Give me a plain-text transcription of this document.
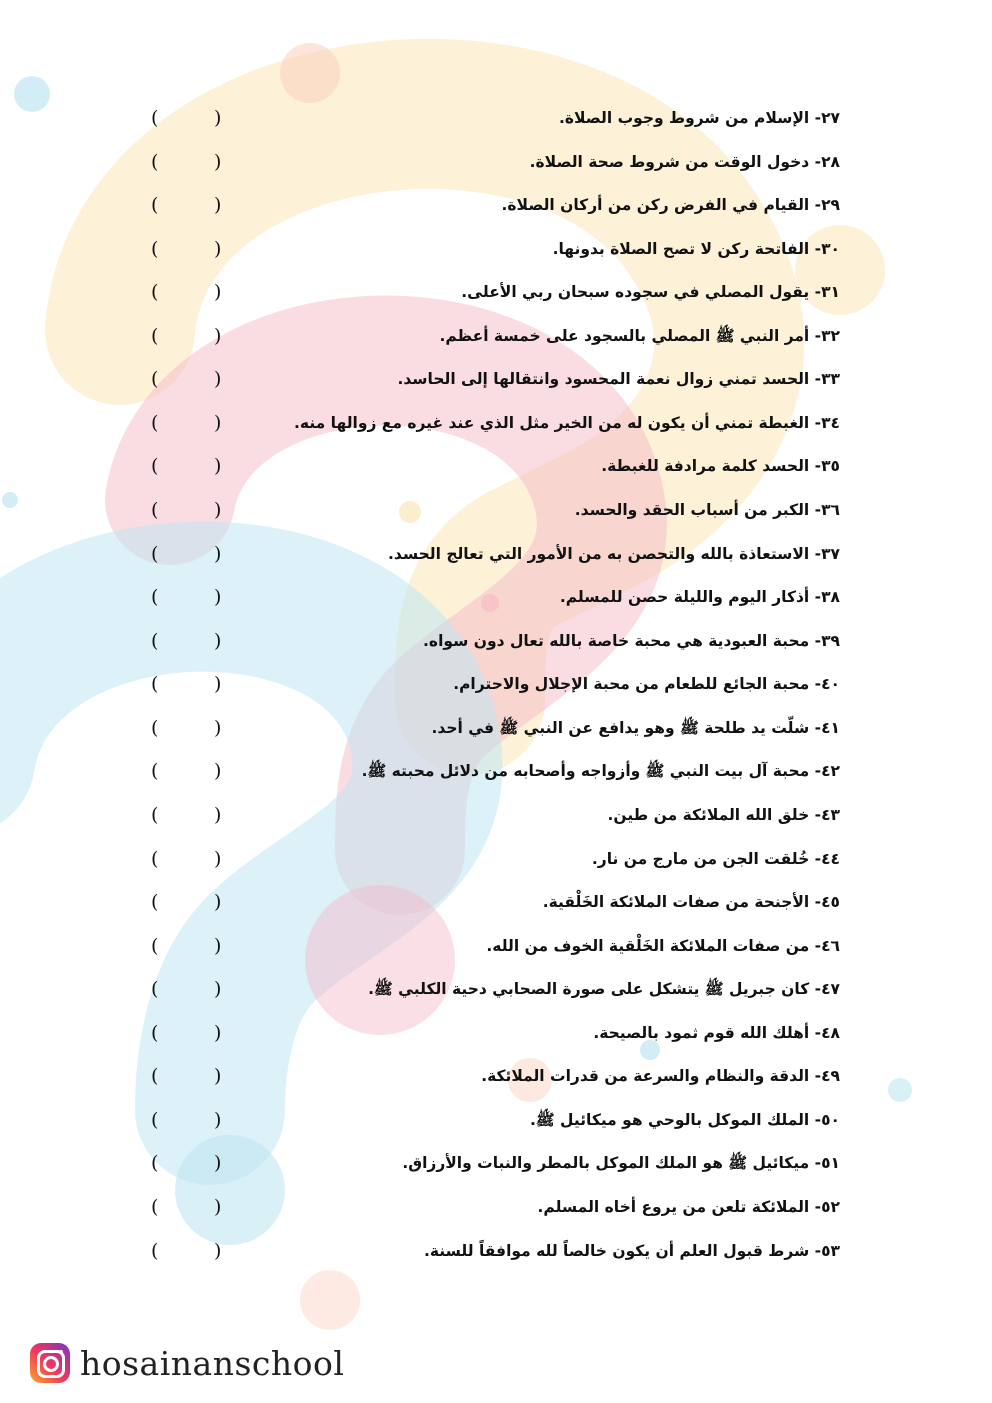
(	)	٢٧- الإسلام من شروط وجوب الصلاة.
(	)	٢٨- دخول الوقت من شروط صحة الصلاة.
(	)	٢٩- القيام في الفرض ركن من أركان الصلاة.
(	)	٣٠- الفاتحة ركن لا تصح الصلاة بدونها.
(	)	٣١- يقول المصلي في سجوده سبحان ربي الأعلى.
(	)	٣٢- أمر النبي ﷺ المصلي بالسجود على خمسة أعظم.
(	)	٣٣- الحسد تمني زوال نعمة المحسود وانتقالها إلى الحاسد.
(	)	٣٤- الغبطة تمني أن يكون له من الخير مثل الذي عند غيره مع زوالها منه.
(	)	٣٥- الحسد كلمة مرادفة للغبطة.
(	)	٣٦- الكبر من أسباب الحقد والحسد.
(	)	٣٧- الاستعاذة بالله والتحصن به من الأمور التي تعالج الحسد.
(	)	٣٨- أذكار اليوم والليلة حصن للمسلم.
(	)	٣٩- محبة العبودية هي محبة خاصة بالله تعال دون سواه.
(	)	٤٠- محبة الجائع للطعام من محبة الإجلال والاحترام.
(	)	٤١- شلّت يد طلحة ﷺ وهو يدافع عن النبي ﷺ في أحد.
(	)	٤٢- محبة آل بيت النبي ﷺ وأزواجه وأصحابه من دلائل محبته ﷺ.
(	)	٤٣- خلق الله الملائكة من طين.
(	)	٤٤- خُلقت الجن من مارج من نار.
(	)	٤٥- الأجنحة من صفات الملائكة الخَلْقية.
(	)	٤٦- من صفات الملائكة الخَلْقية الخوف من الله.
(	)	٤٧- كان جبريل ﷺ يتشكل على صورة الصحابي دحية الكلبي ﷺ.
(	)	٤٨- أهلك الله قوم ثمود بالصيحة.
(	)	٤٩- الدقة والنظام والسرعة من قدرات الملائكة.
(	)	٥٠- الملك الموكل بالوحي هو ميكائيل ﷺ.
(	)	٥١- ميكائيل ﷺ هو الملك الموكل بالمطر والنبات والأرزاق.
(	)	٥٢- الملائكة تلعن من يروع أخاه المسلم.
(	)	٥٣- شرط قبول العلم أن يكون خالصاً لله موافقاً للسنة.
hosainanschool
